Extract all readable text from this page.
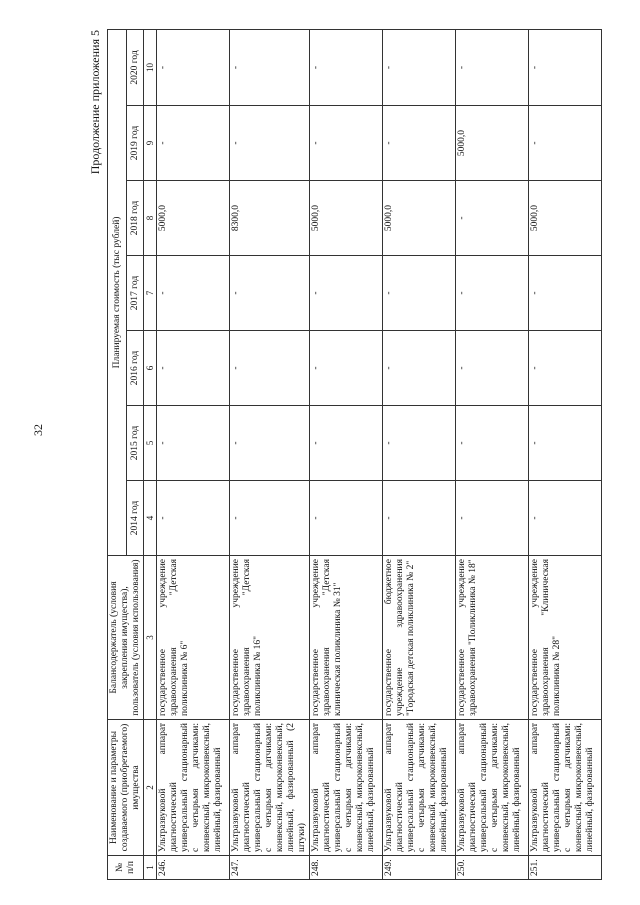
32
Продолжение приложения 5
№ п/п	Наименование и параметры создаваемого (приобретаемого) имущества	Балансодержатель (условия закрепления имущества), пользователь (условия использования)	Планируемая стоимость (тыс рублей)						
			2014 год	2015 год	2016 год	2017 год	2018 год	2019 год	2020 год
1	2	3	4	5	6	7	8	9	10
246.	Ультразвуковой аппарат диагностический универсальный стационарный с четырьмя датчиками: конвексный, микроконвексный, линейный, фазированный	государственное учреждение здравоохранения "Детская поликлиника № 6"	-	-	-	-	5000,0	-	-
247.	Ультразвуковой аппарат диагностический универсальный стационарный с четырьмя датчиками: конвексный, микроконвексный, линейный, фазированный (2 штуки)	государственное учреждение здравоохранения "Детская поликлиника № 16"	-	-	-	-	8300,0	-	-
248.	Ультразвуковой аппарат диагностический универсальный стационарный с четырьмя датчиками: конвексный, микроконвексный, линейный, фазированный	государственное учреждение здравоохранения "Детская клиническая поликлиника № 31"	-	-	-	-	5000,0	-	-
249.	Ультразвуковой аппарат диагностический универсальный стационарный с четырьмя датчиками: конвексный, микроконвексный, линейный, фазированный	государственное бюджетное учреждение здравоохранения "Городская детская поликлиника № 2"	-	-	-	-	5000,0	-	-
250.	Ультразвуковой аппарат диагностический универсальный стационарный с четырьмя датчиками: конвексный, микроконвексный, линейный, фазированный	государственное учреждение здравоохранения "Поликлиника № 18"	-	-	-	-	-	5000,0	-
251.	Ультразвуковой аппарат диагностический универсальный стационарный с четырьмя датчиками: конвексный, микроконвексный, линейный, фазированный	государственное учреждение здравоохранения "Клиническая поликлиника № 28"	-	-	-	-	5000,0	-	-
